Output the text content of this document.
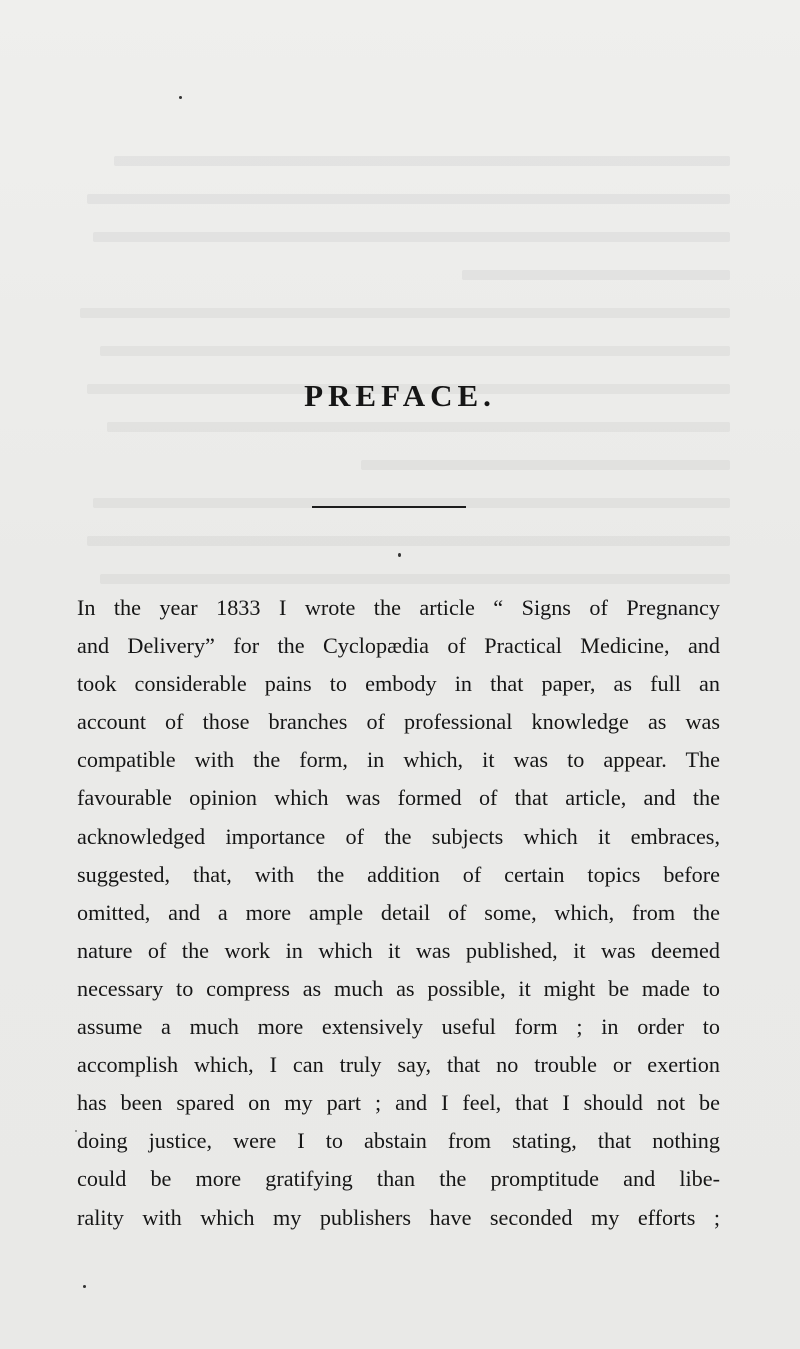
PREFACE.
In the year 1833 I wrote the article “ Signs of Pregnancy
and Delivery” for the Cyclopædia of Practical Medicine, and
took considerable pains to embody in that paper, as full an
account of those branches of professional knowledge as was
compatible with the form, in which, it was to appear. The
favourable opinion which was formed of that article, and the
acknowledged importance of the subjects which it embraces,
suggested, that, with the addition of certain topics before
omitted, and a more ample detail of some, which, from the
nature of the work in which it was published, it was deemed
necessary to compress as much as possible, it might be made to
assume a much more extensively useful form ; in order to
accomplish which, I can truly say, that no trouble or exertion
has been spared on my part ; and I feel, that I should not be
doing justice, were I to abstain from stating, that nothing
could be more gratifying than the promptitude and libe-
rality with which my publishers have seconded my efforts ;
